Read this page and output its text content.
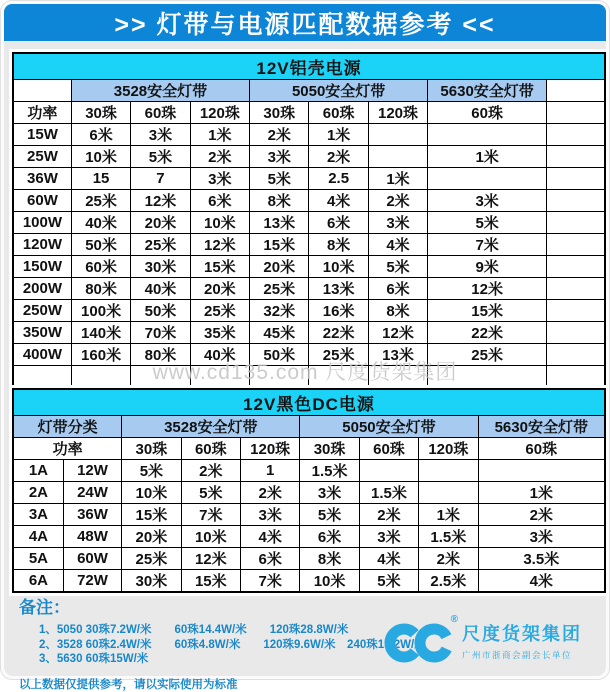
>> 灯带与电源匹配数据参考 <<
12V铝壳电源								
	3528安全灯带			5050安全灯带			5630安全灯带	
功率	30珠	60珠	120珠	30珠	60珠	120珠	60珠	
15W	6米	3米	1米	2米	1米			
25W	10米	5米	2米	3米	2米		1米	
36W	15	7	3米	5米	2.5	1米		
60W	25米	12米	6米	8米	4米	2米	3米	
100W	40米	20米	10米	13米	6米	3米	5米	
120W	50米	25米	12米	15米	8米	4米	7米	
150W	60米	30米	15米	20米	10米	5米	9米	
200W	80米	40米	20米	25米	13米	6米	12米	
250W	100米	50米	25米	32米	16米	8米	15米	
350W	140米	70米	35米	45米	22米	12米	22米	
400W	160米	80米	40米	50米	25米	13米	25米	

www.cd135.com 尺度货架集团
12V黑色DC电源								
灯带分类		3528安全灯带			5050安全灯带			5630安全灯带
功率		30珠	60珠	120珠	30珠	60珠	120珠	60珠
1A	12W	5米	2米	1	1.5米			
2A	24W	10米	5米	2米	3米	1.5米		1米
3A	36W	15米	7米	3米	5米	2米	1米	2米
4A	48W	20米	10米	4米	6米	3米	1.5米	3米
5A	60W	25米	12米	6米	8米	4米	2米	3.5米
6A	72W	30米	15米	7米	10米	5米	2.5米	4米
备注：
1、5050 30珠7.2W/米　　60珠14.4W/米　　120珠28.8W/米
2、3528 60珠2.4W/米　　60珠4.8W/米　　120珠9.6W/米　240珠19.2W/米
3、5630 60珠15W/米
以上数据仅提供参考，请以实际使用为标准
®
尺度货架集团
广州市浙商会副会长单位
